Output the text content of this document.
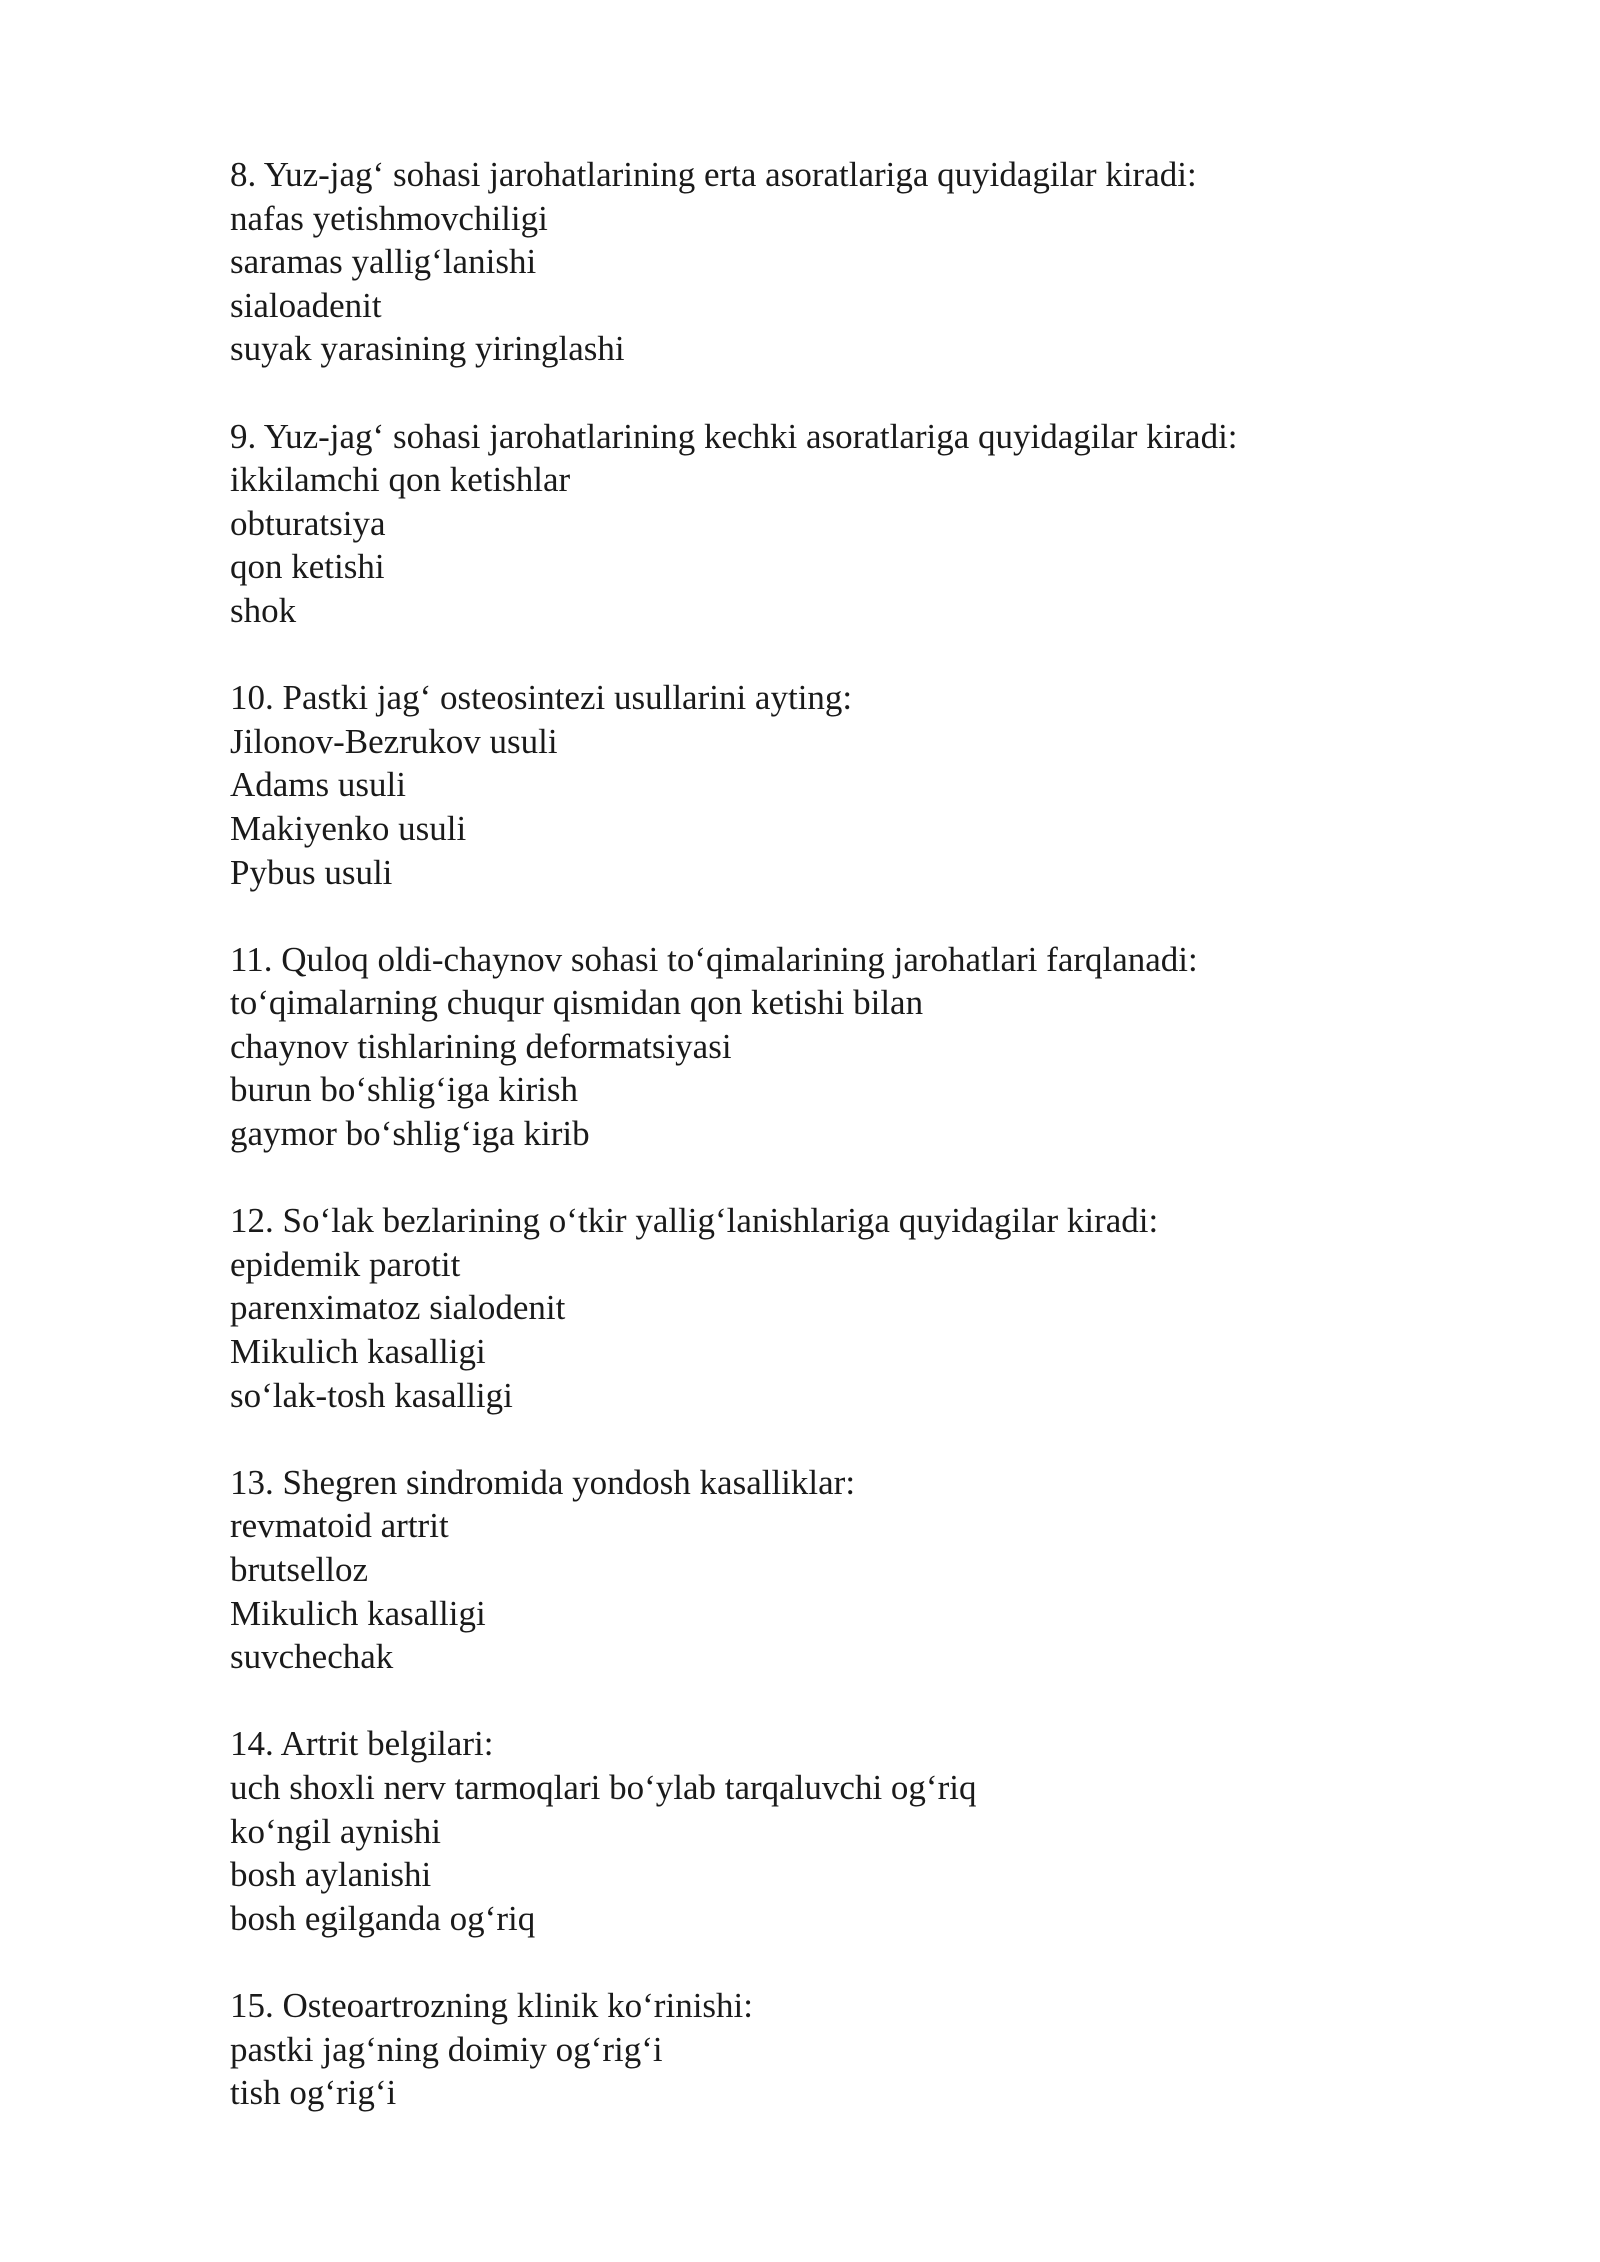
8. Yuz-jag‘ sohasi jarohatlarining erta asoratlariga quyidagilar kiradi:
nafas yetishmovchiligi
saramas yallig‘lanishi
sialoadenit
suyak yarasining yiringlashi
9. Yuz-jag‘ sohasi jarohatlarining kechki asoratlariga quyidagilar kiradi:
ikkilamchi qon ketishlar
obturatsiya
qon ketishi
shok
10. Pastki jag‘ osteosintezi usullarini ayting:
Jilonov-Bezrukov usuli
Adams usuli
Makiyenko usuli
Pybus usuli
11. Quloq oldi-chaynov sohasi to‘qimalarining jarohatlari farqlanadi:
to‘qimalarning chuqur qismidan qon ketishi bilan
chaynov tishlarining deformatsiyasi
burun bo‘shlig‘iga kirish
gaymor bo‘shlig‘iga kirib
12. So‘lak bezlarining o‘tkir yallig‘lanishlariga quyidagilar kiradi:
epidemik parotit
parenximatoz sialodenit
Mikulich kasalligi
so‘lak-tosh kasalligi
13. Shegren sindromida yondosh kasalliklar:
revmatoid artrit
brutselloz
Mikulich kasalligi
suvchechak
14. Artrit belgilari:
uch shoxli nerv tarmoqlari bo‘ylab tarqaluvchi og‘riq
ko‘ngil aynishi
bosh aylanishi
bosh egilganda og‘riq
15. Osteoartrozning klinik ko‘rinishi:
pastki jag‘ning doimiy og‘rig‘i
tish og‘rig‘i
